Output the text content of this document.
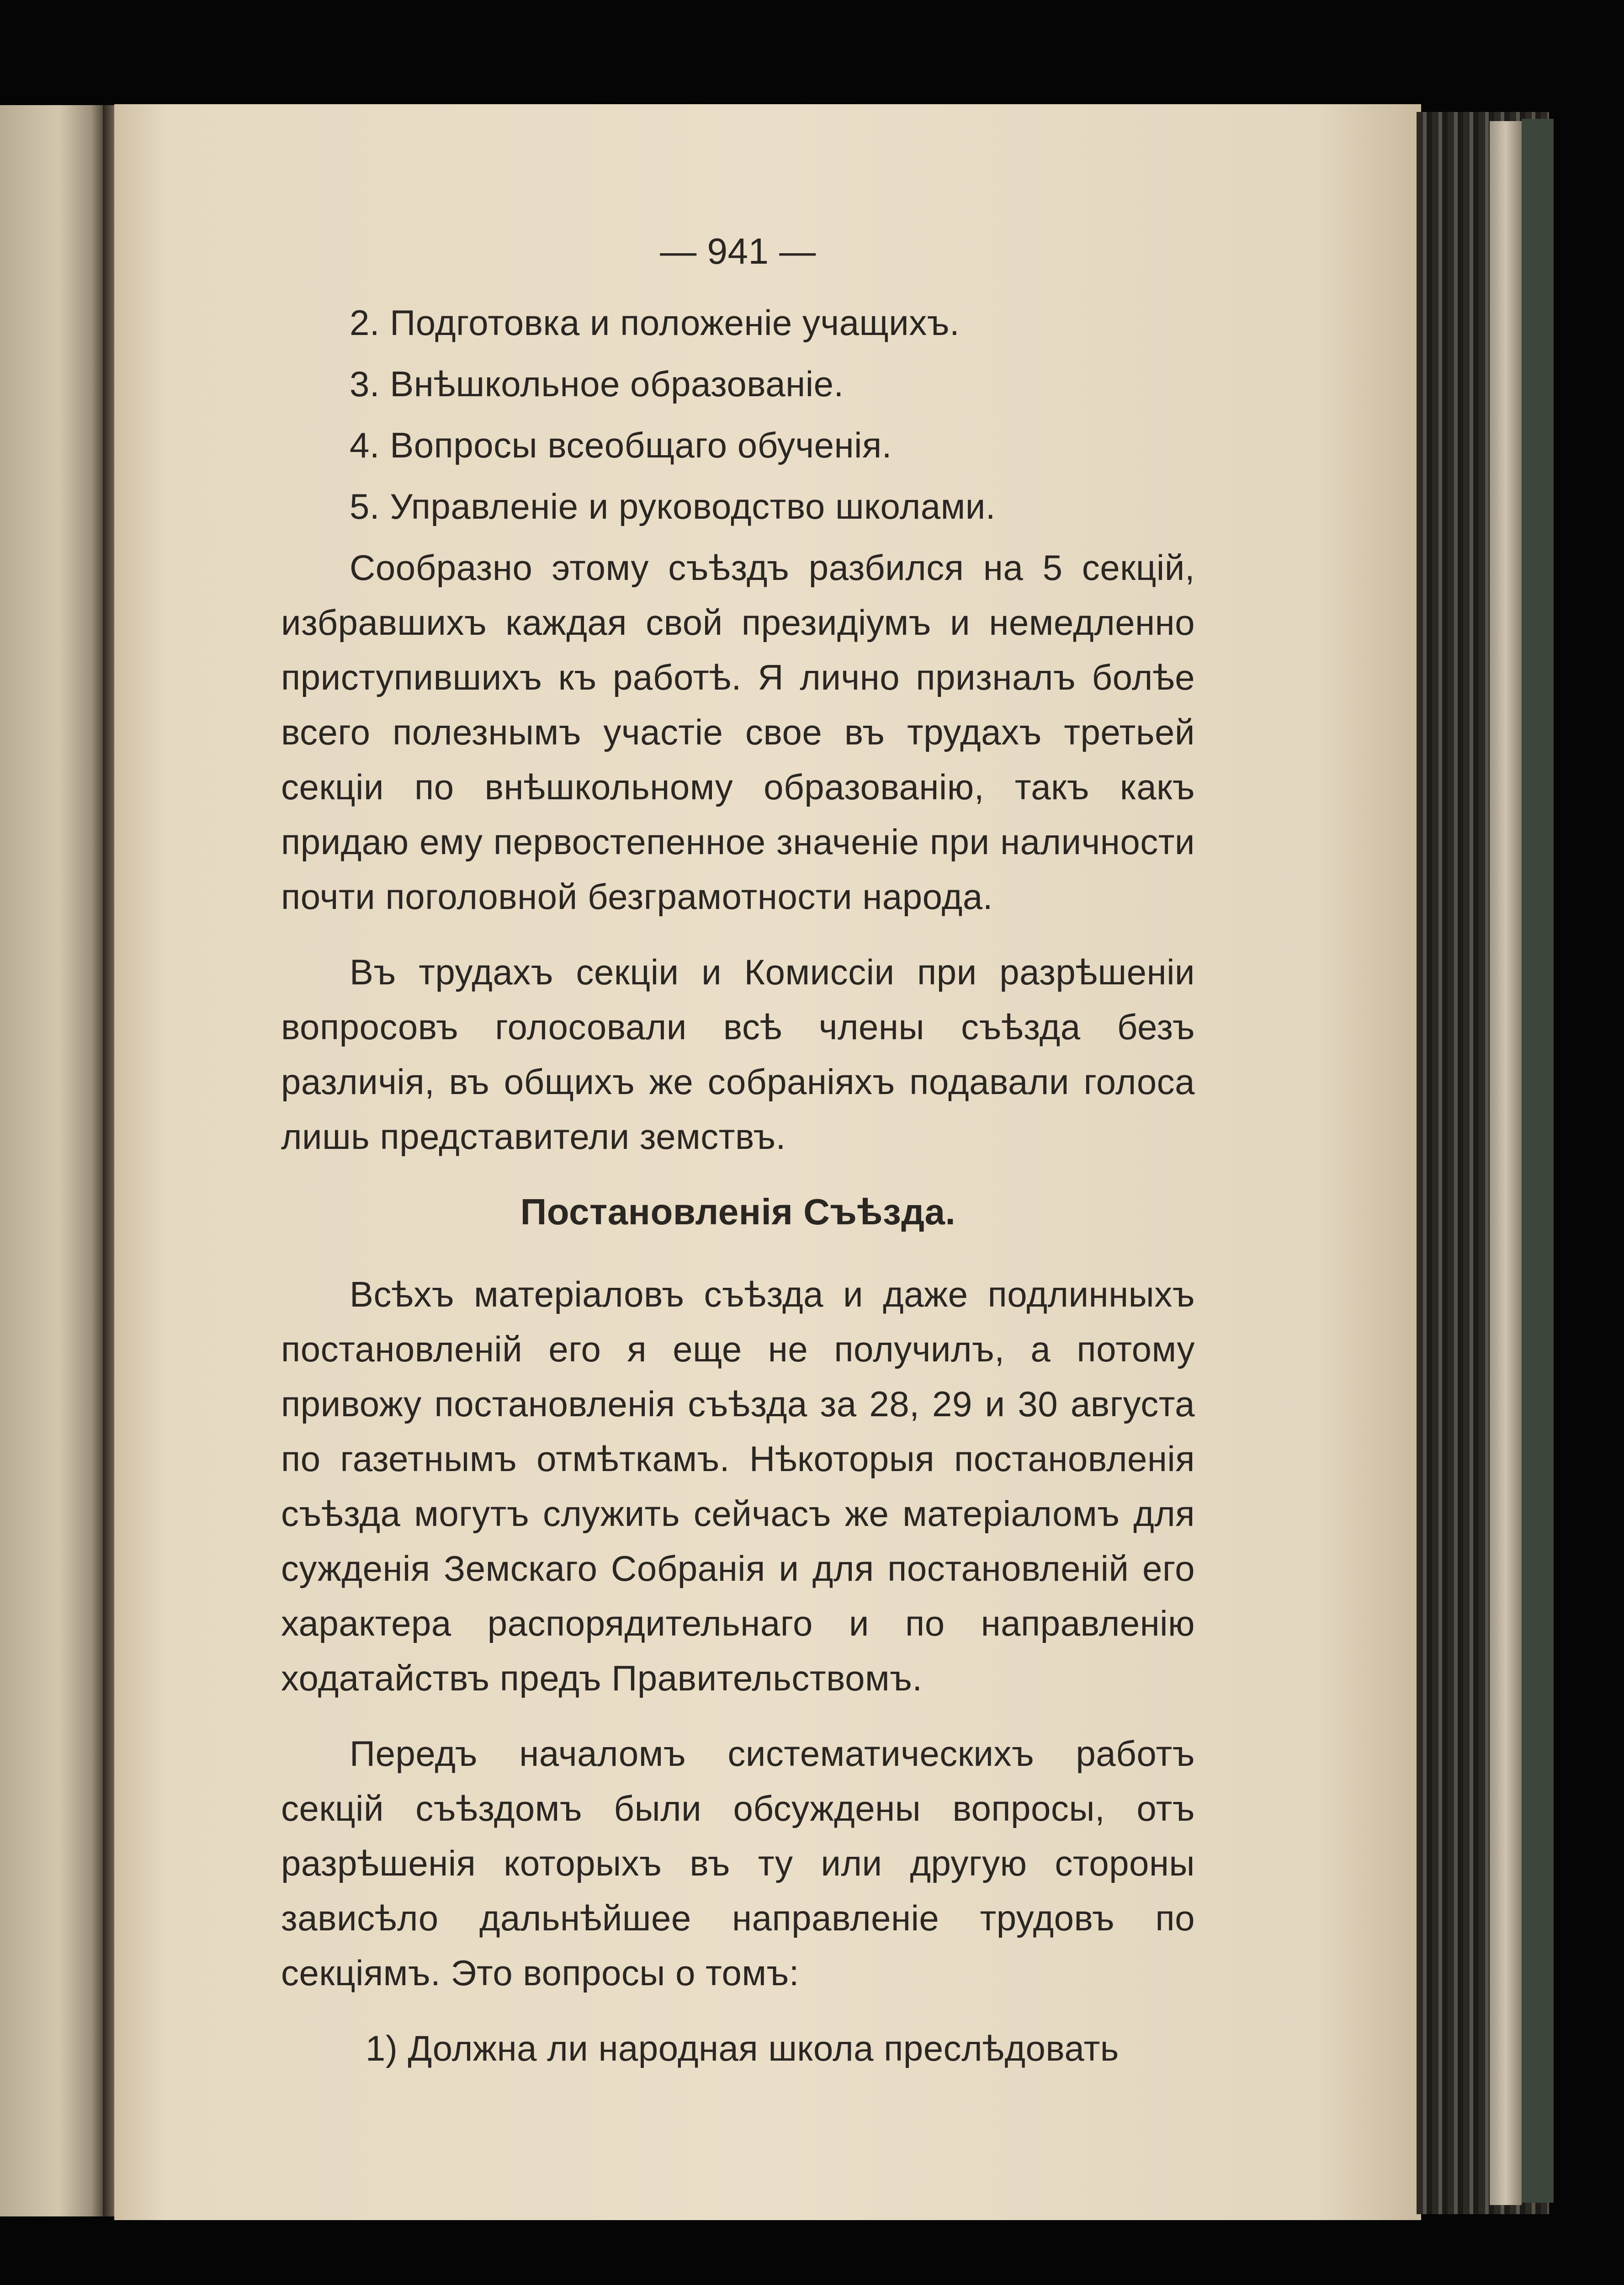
— 941 —
2. Подготовка и положеніе учащихъ.
3. Внѣшкольное образованіе.
4. Вопросы всеобщаго обученія.
5. Управленіе и руководство школами.

Сообразно этому съѣздъ разбился на 5 секцій, избравшихъ каждая свой президіумъ и немедленно приступившихъ къ работѣ. Я лично призналъ болѣе всего полезнымъ участіе свое въ трудахъ третьей секціи по внѣшкольному образованію, такъ какъ придаю ему первостепенное значеніе при наличности почти поголовной безграмотности народа.

Въ трудахъ секціи и Комиссіи при разрѣшеніи вопросовъ голосовали всѣ члены съѣзда безъ различія, въ общихъ же собраніяхъ подавали голоса лишь представители земствъ.

Постановленія Съѣзда.

Всѣхъ матеріаловъ съѣзда и даже подлинныхъ постановленій его я еще не получилъ, а потому привожу постановленія съѣзда за 28, 29 и 30 августа по газетнымъ отмѣткамъ. Нѣкоторыя постановленія съѣзда могутъ служить сейчасъ же матеріаломъ для сужденія Земскаго Собранія и для постановленій его характера распорядительнаго и по направленію ходатайствъ предъ Правительствомъ.

Передъ началомъ систематическихъ работъ секцій съѣздомъ были обсуждены вопросы, отъ разрѣшенія которыхъ въ ту или другую стороны зависѣло дальнѣйшее направленіе трудовъ по секціямъ. Это вопросы о томъ:

1) Должна ли народная школа преслѣдовать
